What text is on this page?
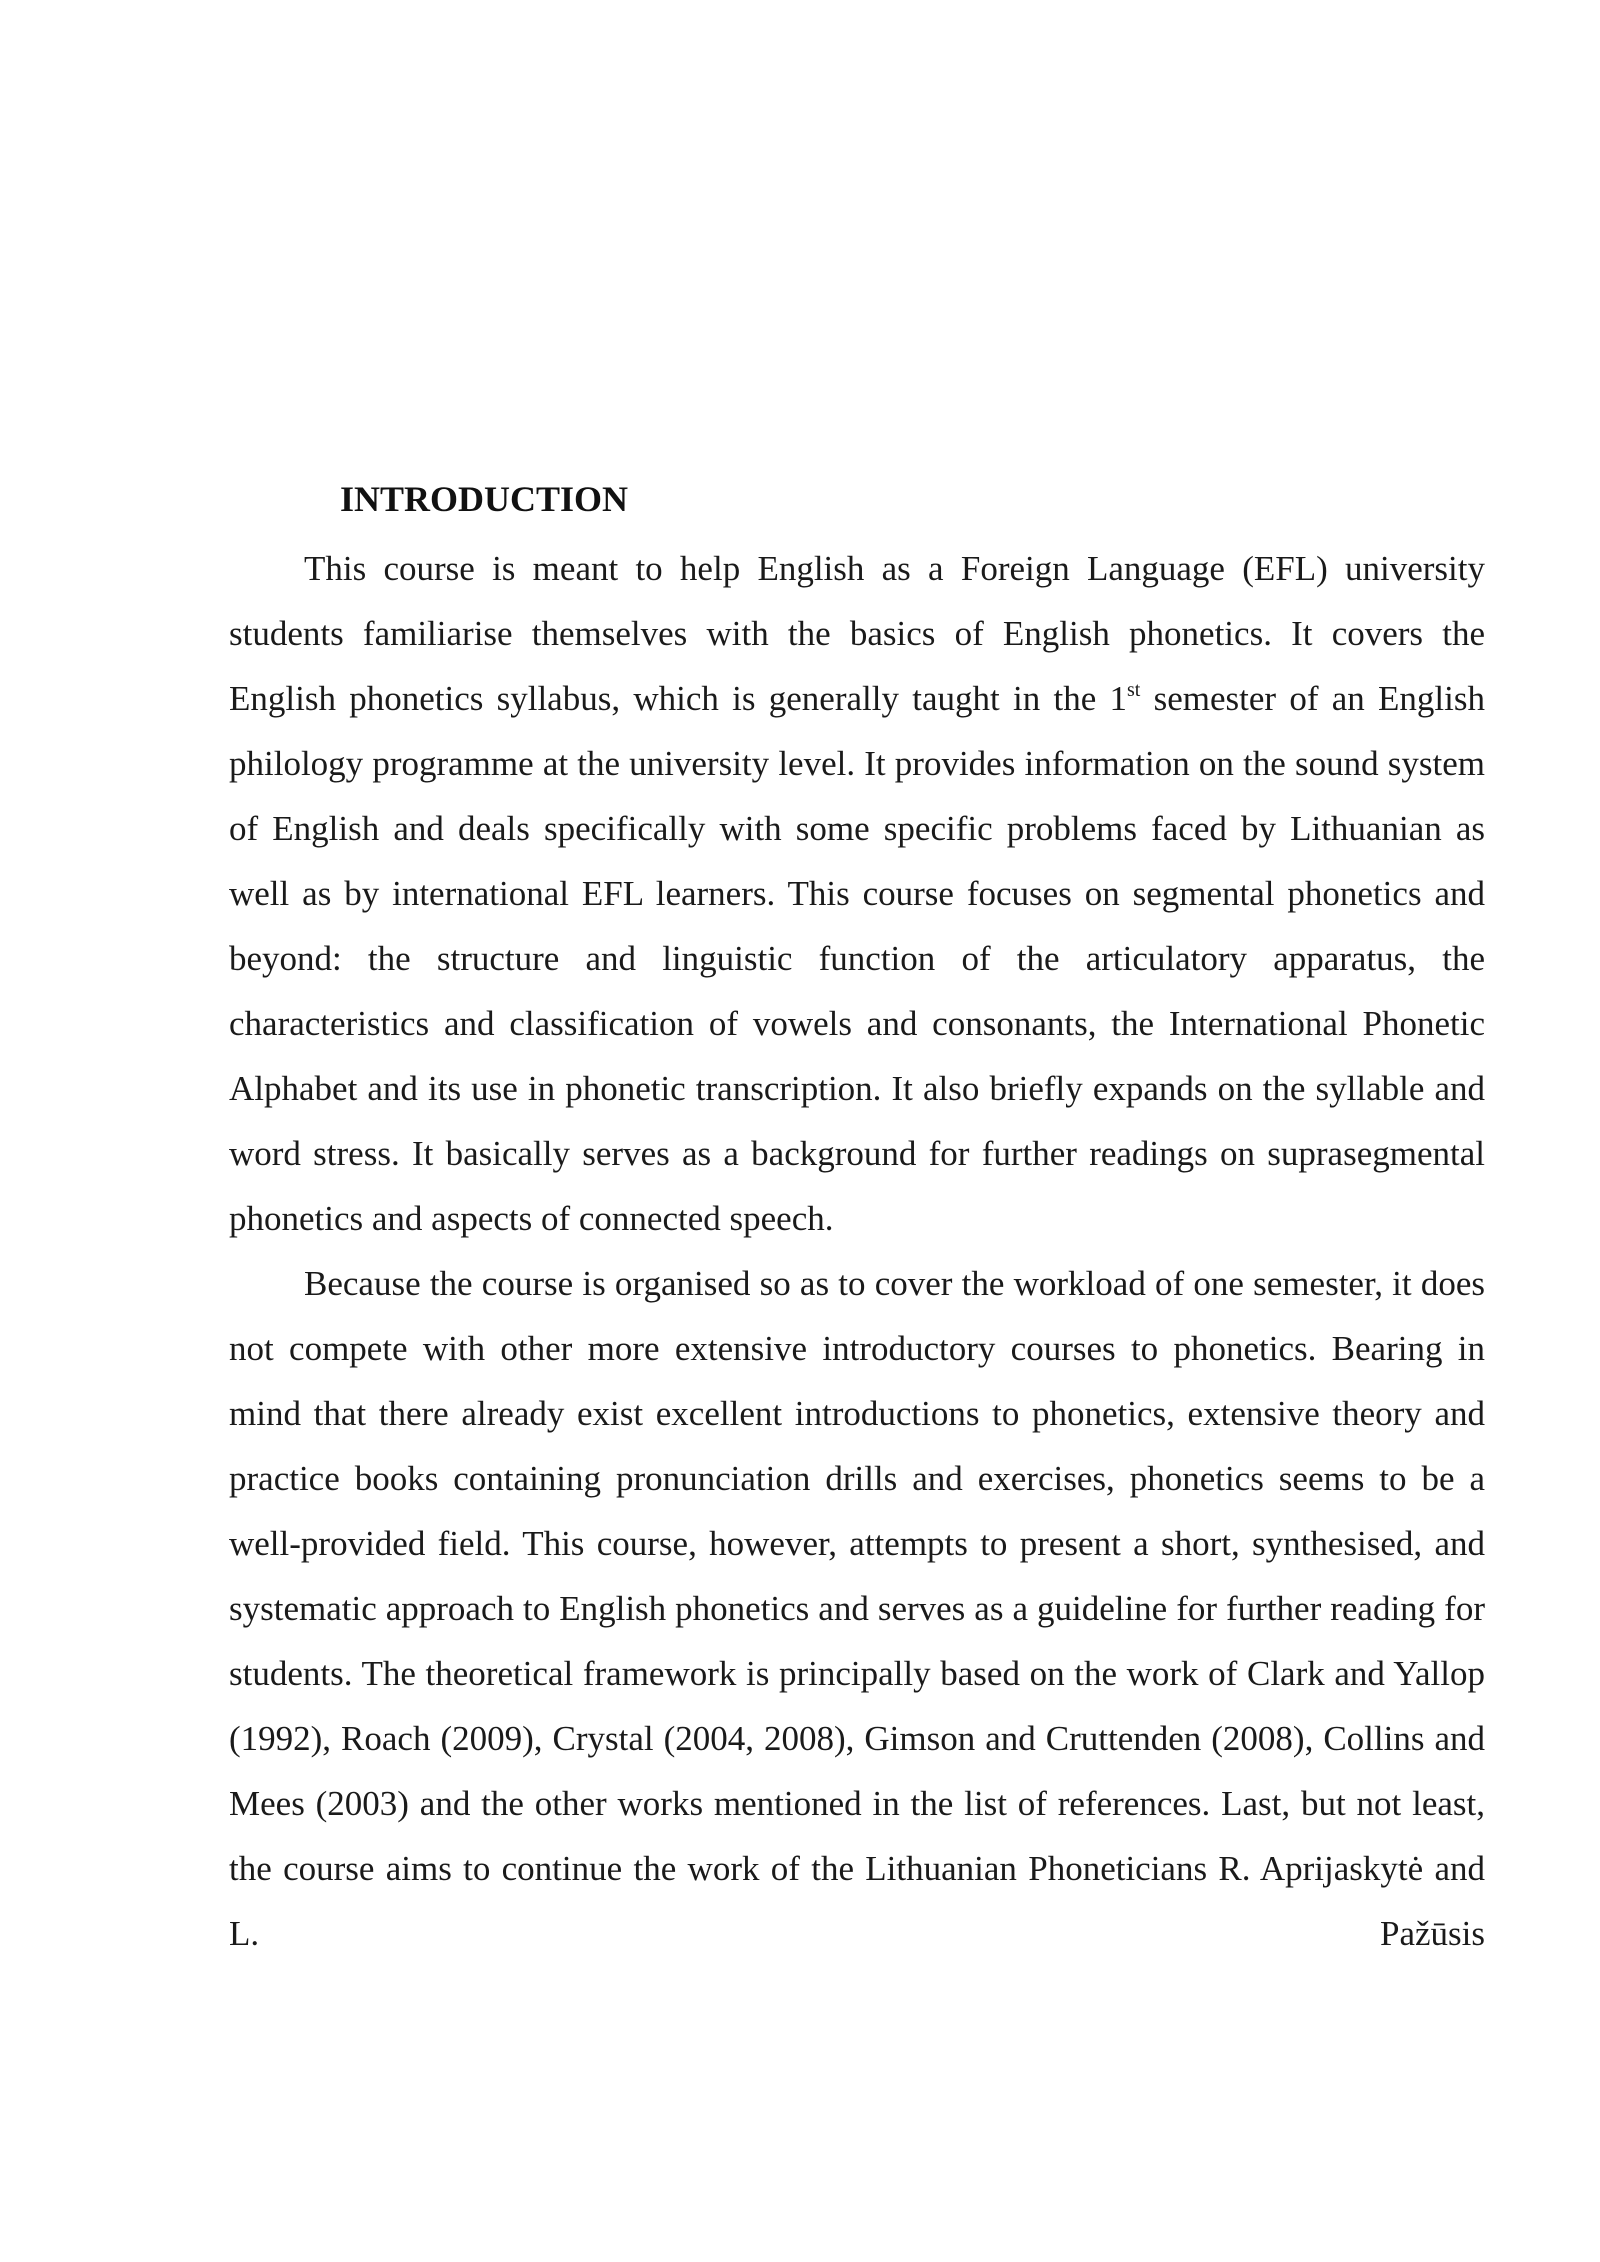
INTRODUCTION

This course is meant to help English as a Foreign Language (EFL) university students familiarise themselves with the basics of English phonetics. It covers the English phonetics syllabus, which is generally taught in the 1st semester of an English philology programme at the university level. It provides information on the sound system of English and deals specifically with some specific problems faced by Lithuanian as well as by international EFL learners. This course focuses on segmental phonetics and beyond: the structure and linguistic function of the articulatory apparatus, the characteristics and classification of vowels and consonants, the International Phonetic Alphabet and its use in phonetic transcription. It also briefly expands on the syllable and word stress. It basically serves as a background for further readings on suprasegmental phonetics and aspects of connected speech.

Because the course is organised so as to cover the workload of one semester, it does not compete with other more extensive introductory courses to phonetics. Bearing in mind that there already exist excellent introductions to phonetics, extensive theory and practice books containing pronunciation drills and exercises, phonetics seems to be a well-provided field. This course, however, attempts to present a short, synthesised, and systematic approach to English phonetics and serves as a guideline for further reading for students. The theoretical framework is principally based on the work of Clark and Yallop (1992), Roach (2009), Crystal (2004, 2008), Gimson and Cruttenden (2008), Collins and Mees (2003) and the other works mentioned in the list of references. Last, but not least, the course aims to continue the work of the Lithuanian Phoneticians R. Aprijaskytė and L. Pažūsis
